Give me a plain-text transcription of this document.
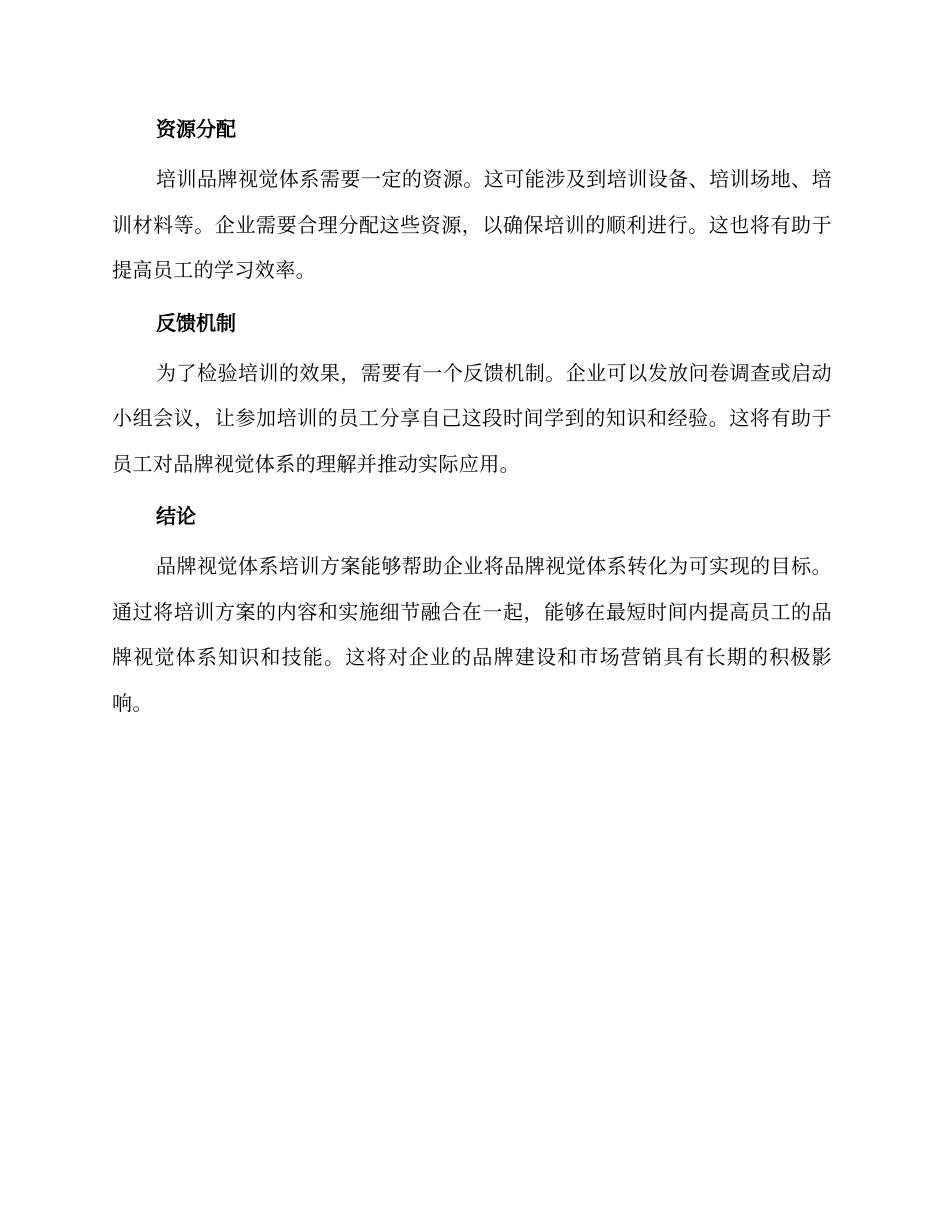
资源分配

培训品牌视觉体系需要一定的资源。这可能涉及到培训设备、培训场地、培训材料等。企业需要合理分配这些资源，以确保培训的顺利进行。这也将有助于提高员工的学习效率。

反馈机制

为了检验培训的效果，需要有一个反馈机制。企业可以发放问卷调查或启动小组会议，让参加培训的员工分享自己这段时间学到的知识和经验。这将有助于员工对品牌视觉体系的理解并推动实际应用。

结论

品牌视觉体系培训方案能够帮助企业将品牌视觉体系转化为可实现的目标。通过将培训方案的内容和实施细节融合在一起，能够在最短时间内提高员工的品牌视觉体系知识和技能。这将对企业的品牌建设和市场营销具有长期的积极影响。
